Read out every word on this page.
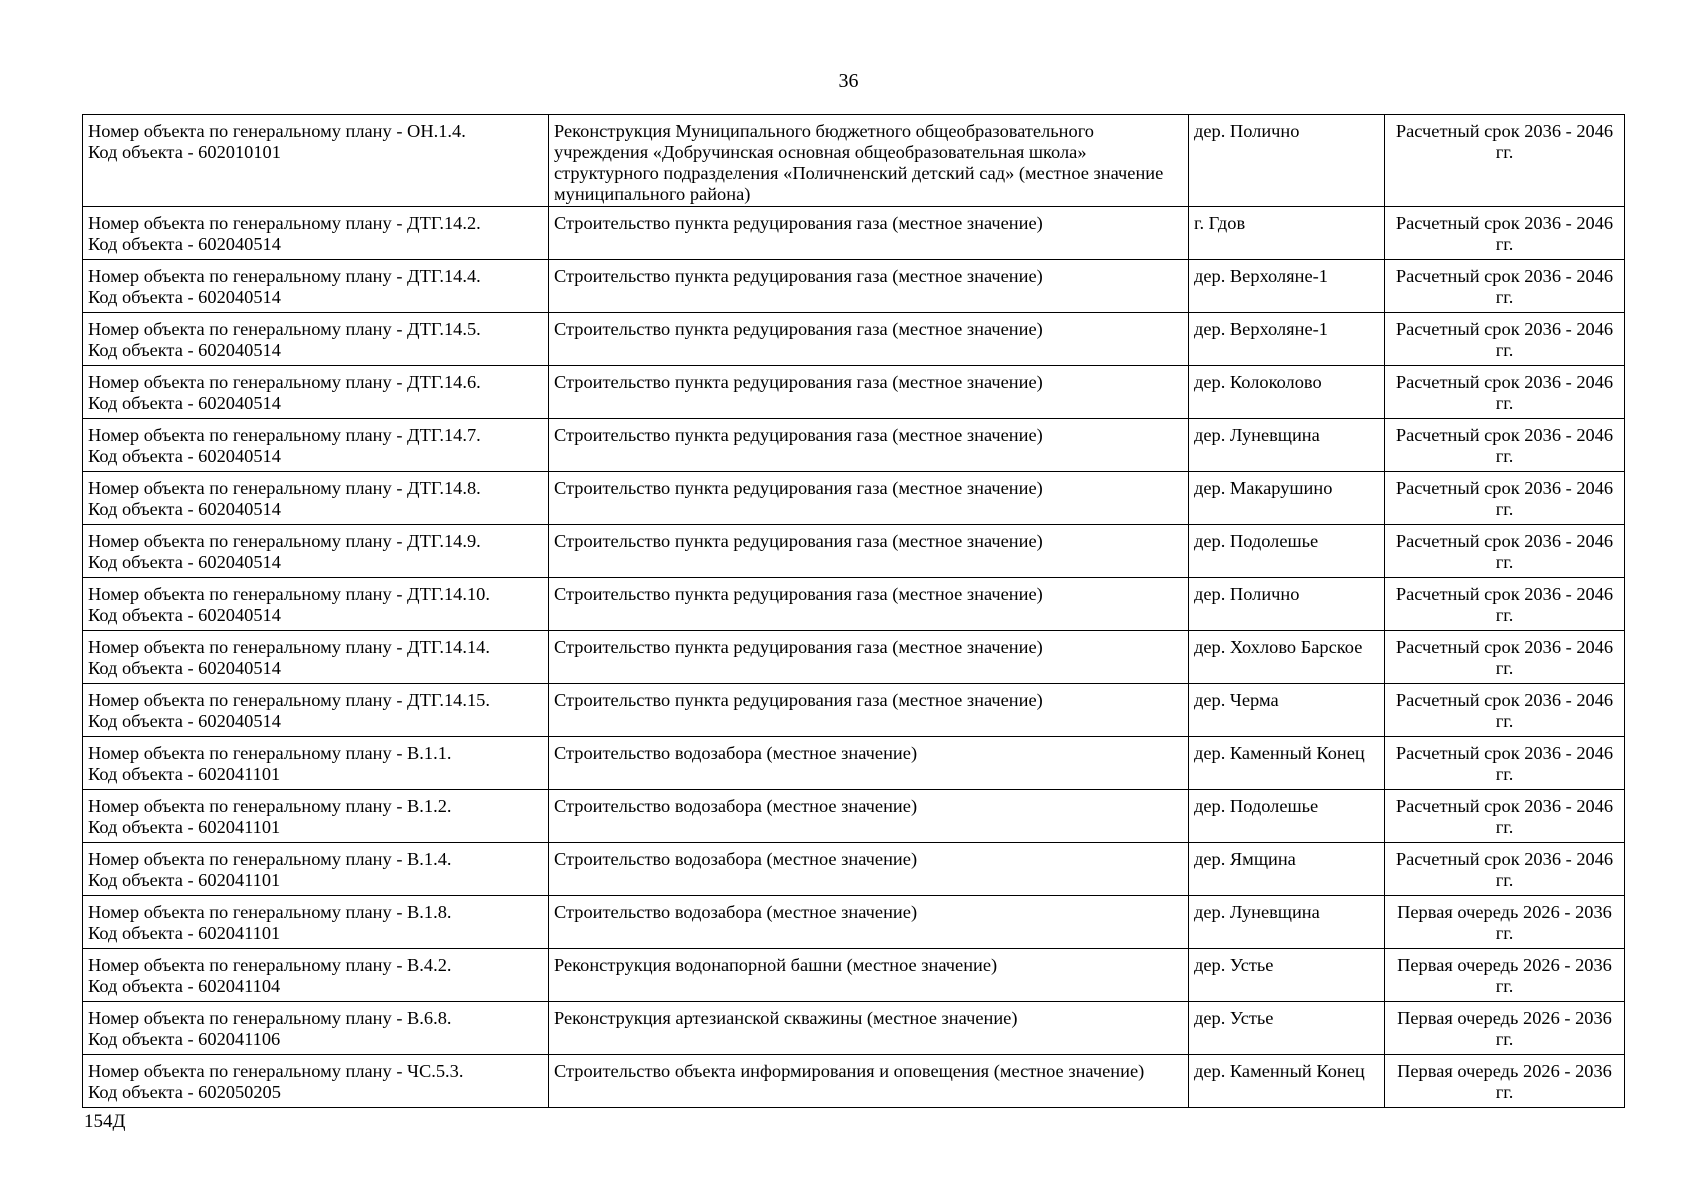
36
Номер объекта по генеральному плану - ОН.1.4.
Код объекта - 602010101	Реконструкция Муниципального бюджетного общеобразовательного учреждения «Добручинская основная общеобразовательная школа» структурного подразделения «Поличненский детский сад» (местное значение муниципального района)	дер. Полично	Расчетный срок 2036 - 2046 гг.

Номер объекта по генеральному плану - ДТГ.14.2.
Код объекта - 602040514	Строительство пункта редуцирования газа (местное значение)	г. Гдов	Расчетный срок 2036 - 2046 гг.

Номер объекта по генеральному плану - ДТГ.14.4.
Код объекта - 602040514	Строительство пункта редуцирования газа (местное значение)	дер. Верхоляне-1	Расчетный срок 2036 - 2046 гг.

Номер объекта по генеральному плану - ДТГ.14.5.
Код объекта - 602040514	Строительство пункта редуцирования газа (местное значение)	дер. Верхоляне-1	Расчетный срок 2036 - 2046 гг.

Номер объекта по генеральному плану - ДТГ.14.6.
Код объекта - 602040514	Строительство пункта редуцирования газа (местное значение)	дер. Колоколово	Расчетный срок 2036 - 2046 гг.

Номер объекта по генеральному плану - ДТГ.14.7.
Код объекта - 602040514	Строительство пункта редуцирования газа (местное значение)	дер. Луневщина	Расчетный срок 2036 - 2046 гг.

Номер объекта по генеральному плану - ДТГ.14.8.
Код объекта - 602040514	Строительство пункта редуцирования газа (местное значение)	дер. Макарушино	Расчетный срок 2036 - 2046 гг.

Номер объекта по генеральному плану - ДТГ.14.9.
Код объекта - 602040514	Строительство пункта редуцирования газа (местное значение)	дер. Подолешье	Расчетный срок 2036 - 2046 гг.

Номер объекта по генеральному плану - ДТГ.14.10.
Код объекта - 602040514	Строительство пункта редуцирования газа (местное значение)	дер. Полично	Расчетный срок 2036 - 2046 гг.

Номер объекта по генеральному плану - ДТГ.14.14.
Код объекта - 602040514	Строительство пункта редуцирования газа (местное значение)	дер. Хохлово Барское	Расчетный срок 2036 - 2046 гг.

Номер объекта по генеральному плану - ДТГ.14.15.
Код объекта - 602040514	Строительство пункта редуцирования газа (местное значение)	дер. Черма	Расчетный срок 2036 - 2046 гг.

Номер объекта по генеральному плану - В.1.1.
Код объекта - 602041101	Строительство водозабора (местное значение)	дер. Каменный Конец	Расчетный срок 2036 - 2046 гг.

Номер объекта по генеральному плану - В.1.2.
Код объекта - 602041101	Строительство водозабора (местное значение)	дер. Подолешье	Расчетный срок 2036 - 2046 гг.

Номер объекта по генеральному плану - В.1.4.
Код объекта - 602041101	Строительство водозабора (местное значение)	дер. Ямщина	Расчетный срок 2036 - 2046 гг.

Номер объекта по генеральному плану - В.1.8.
Код объекта - 602041101	Строительство водозабора (местное значение)	дер. Луневщина	Первая очередь 2026 - 2036 гг.

Номер объекта по генеральному плану - В.4.2.
Код объекта - 602041104	Реконструкция водонапорной башни (местное значение)	дер. Устье	Первая очередь 2026 - 2036 гг.

Номер объекта по генеральному плану - В.6.8.
Код объекта - 602041106	Реконструкция артезианской скважины (местное значение)	дер. Устье	Первая очередь 2026 - 2036 гг.

Номер объекта по генеральному плану - ЧС.5.3.
Код объекта - 602050205	Строительство объекта информирования и оповещения (местное значение)	дер. Каменный Конец	Первая очередь 2026 - 2036 гг.
154Д
